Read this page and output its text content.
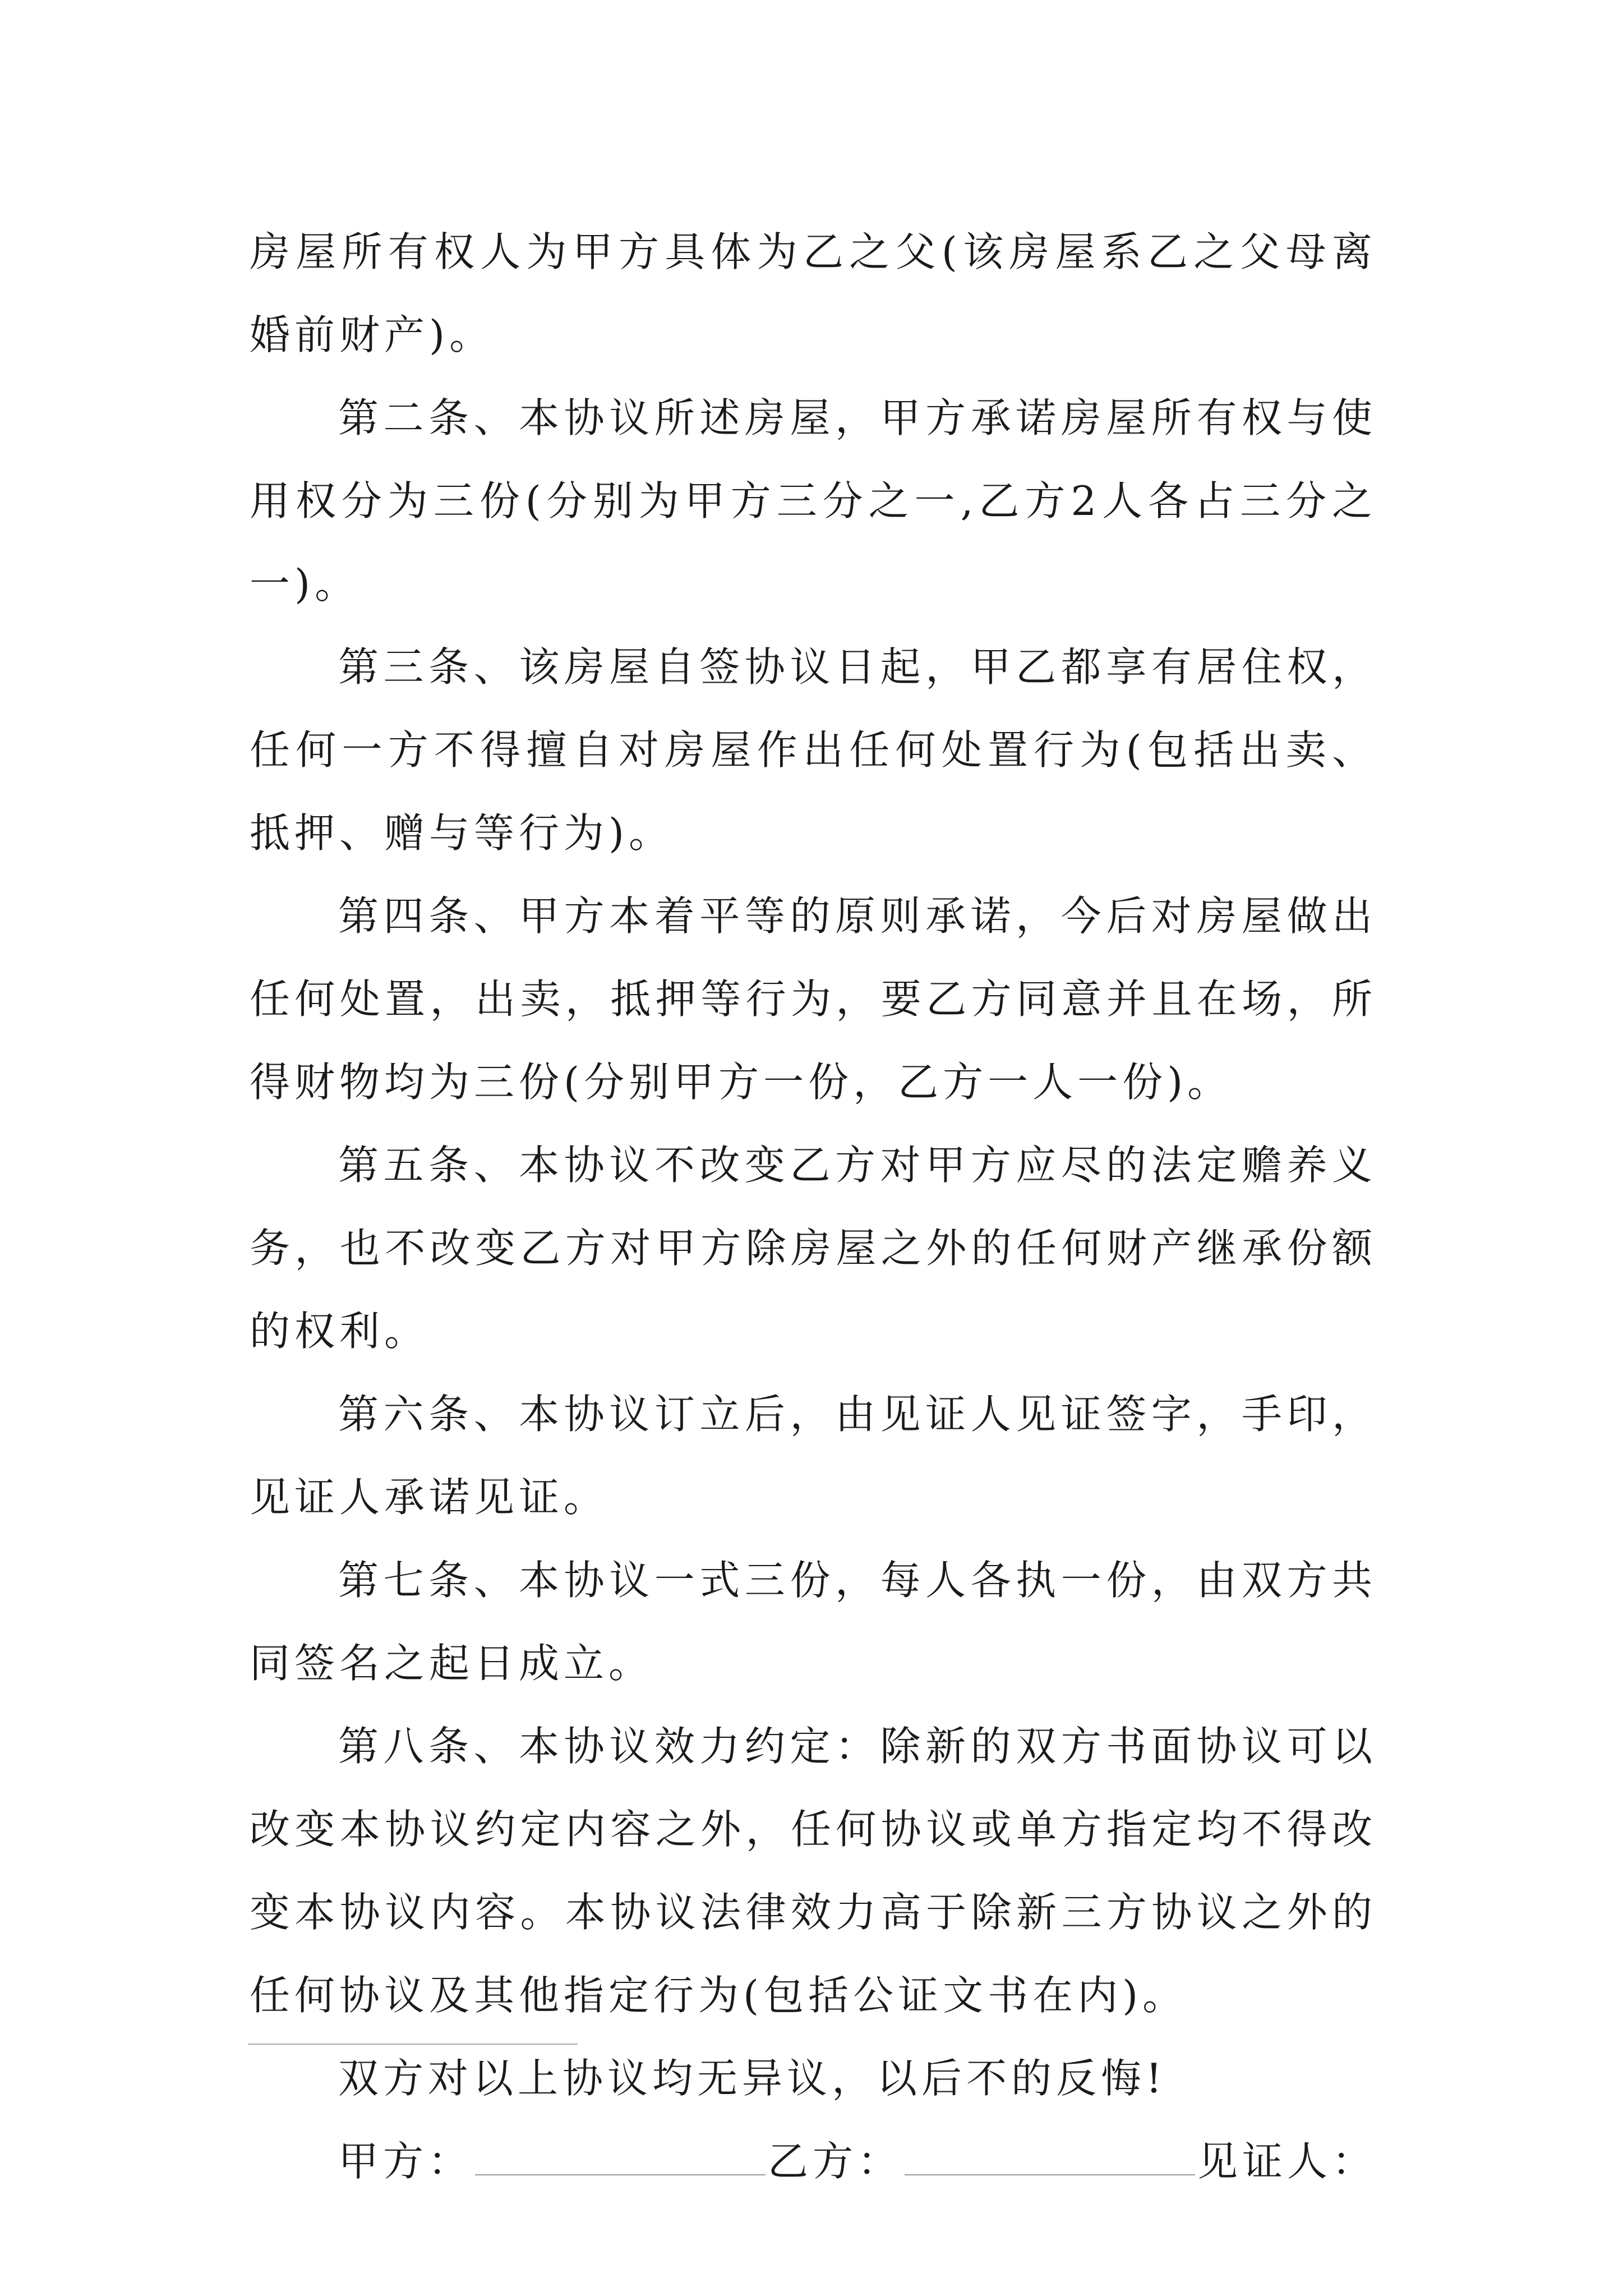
房屋所有权人为甲方具体为乙之父(该房屋系乙之父母离婚前财产)。

第二条、本协议所述房屋，甲方承诺房屋所有权与使用权分为三份(分别为甲方三分之一,乙方2人各占三分之一)。

第三条、该房屋自签协议日起，甲乙都享有居住权，任何一方不得擅自对房屋作出任何处置行为(包括出卖、抵押、赠与等行为)。

第四条、甲方本着平等的原则承诺，今后对房屋做出任何处置，出卖，抵押等行为，要乙方同意并且在场，所得财物均为三份(分别甲方一份，乙方一人一份)。

第五条、本协议不改变乙方对甲方应尽的法定赡养义务，也不改变乙方对甲方除房屋之外的任何财产继承份额的权利。

第六条、本协议订立后，由见证人见证签字，手印，见证人承诺见证。

第七条、本协议一式三份，每人各执一份，由双方共同签名之起日成立。

第八条、本协议效力约定：除新的双方书面协议可以改变本协议约定内容之外，任何协议或单方指定均不得改变本协议内容。本协议法律效力高于除新三方协议之外的任何协议及其他指定行为(包括公证文书在内)。

双方对以上协议均无异议，以后不的反悔!

甲方：	乙方：	见证人：
